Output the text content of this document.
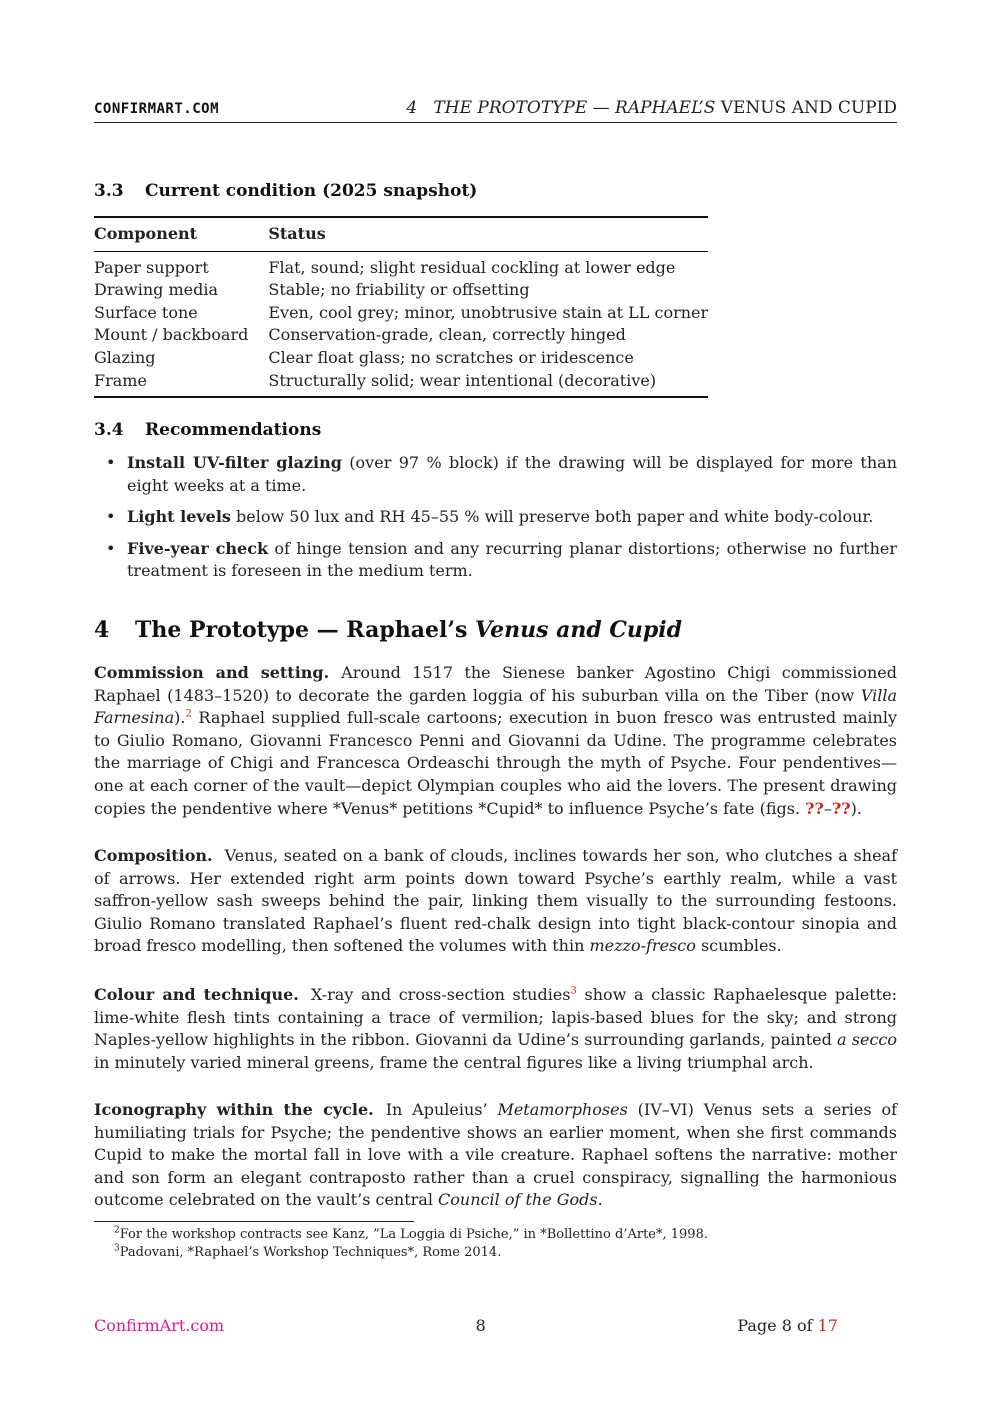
CONFIRMART.COM	4 THE PROTOTYPE — RAPHAEL’S VENUS AND CUPID
3.3 Current condition (2025 snapshot)
Component	Status
Paper support	Flat, sound; slight residual cockling at lower edge
Drawing media	Stable; no friability or offsetting
Surface tone	Even, cool grey; minor, unobtrusive stain at LL corner
Mount / backboard	Conservation-grade, clean, correctly hinged
Glazing	Clear float glass; no scratches or iridescence
Frame	Structurally solid; wear intentional (decorative)
3.4 Recommendations
• Install UV-filter glazing (over 97 % block) if the drawing will be displayed for more than eight weeks at a time.
• Light levels below 50 lux and RH 45–55 % will preserve both paper and white body-colour.
• Five-year check of hinge tension and any recurring planar distortions; otherwise no further treatment is foreseen in the medium term.
4 The Prototype — Raphael’s Venus and Cupid

Commission and setting. Around 1517 the Sienese banker Agostino Chigi commissioned Raphael (1483–1520) to decorate the garden loggia of his suburban villa on the Tiber (now Villa Farnesina).$^2$ Raphael supplied full-scale cartoons; execution in buon fresco was entrusted mainly to Giulio Romano, Giovanni Francesco Penni and Giovanni da Udine. The programme celebrates the marriage of Chigi and Francesca Ordeaschi through the myth of Psyche. Four pendentives—one at each corner of the vault—depict Olympian couples who aid the lovers. The present drawing copies the pendentive where *Venus* petitions *Cupid* to influence Psyche’s fate (figs. ??–??).

Composition. Venus, seated on a bank of clouds, inclines towards her son, who clutches a sheaf of arrows. Her extended right arm points down toward Psyche’s earthly realm, while a vast saffron-yellow sash sweeps behind the pair, linking them visually to the surrounding festoons. Giulio Romano translated Raphael’s fluent red-chalk design into tight black-contour sinopia and broad fresco modelling, then softened the volumes with thin mezzo-fresco scumbles.

Colour and technique. X-ray and cross-section studies$^3$ show a classic Raphaelesque palette: lime-white flesh tints containing a trace of vermilion; lapis-based blues for the sky; and strong Naples-yellow highlights in the ribbon. Giovanni da Udine’s surrounding garlands, painted a secco in minutely varied mineral greens, frame the central figures like a living triumphal arch.

Iconography within the cycle. In Apuleius’ Metamorphoses (IV–VI) Venus sets a series of humiliating trials for Psyche; the pendentive shows an earlier moment, when she first commands Cupid to make the mortal fall in love with a vile creature. Raphael softens the narrative: mother and son form an elegant contraposto rather than a cruel conspiracy, signalling the harmonious outcome celebrated on the vault’s central Council of the Gods.

$^2$For the workshop contracts see Kanz, ”La Loggia di Psiche,” in *Bollettino d’Arte*, 1998.
$^3$Padovani, *Raphael’s Workshop Techniques*, Rome 2014.
ConfirmArt.com	8	Page 8 of 17
